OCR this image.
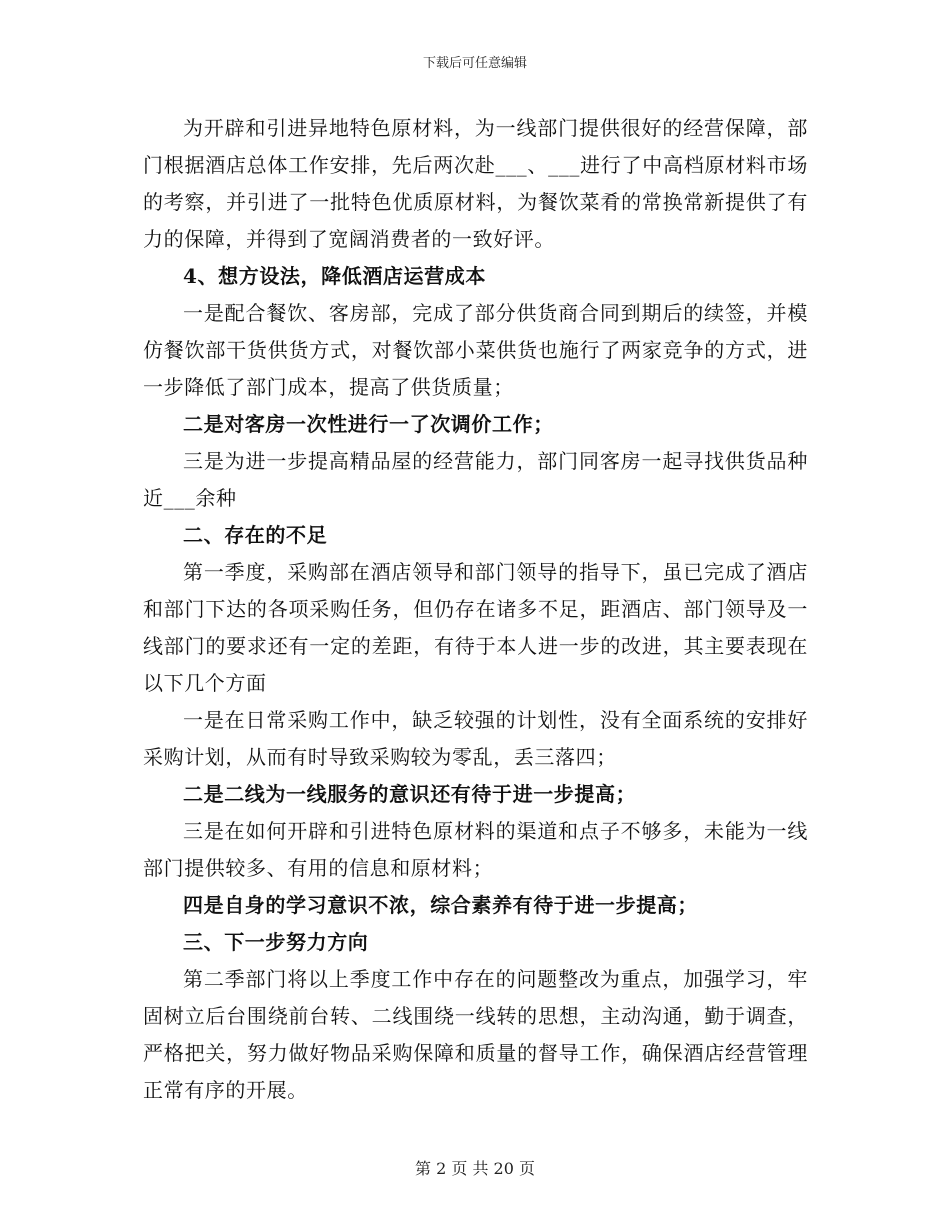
下载后可任意编辑

为开辟和引进异地特色原材料，为一线部门提供很好的经营保障，部门根据酒店总体工作安排，先后两次赴___、___进行了中高档原材料市场的考察，并引进了一批特色优质原材料，为餐饮菜肴的常换常新提供了有力的保障，并得到了宽阔消费者的一致好评。

4、想方设法，降低酒店运营成本

一是配合餐饮、客房部，完成了部分供货商合同到期后的续签，并模仿餐饮部干货供货方式，对餐饮部小菜供货也施行了两家竞争的方式，进一步降低了部门成本，提高了供货质量；

二是对客房一次性进行一了次调价工作；

三是为进一步提高精品屋的经营能力，部门同客房一起寻找供货品种近___余种

二、存在的不足

第一季度，采购部在酒店领导和部门领导的指导下，虽已完成了酒店和部门下达的各项采购任务，但仍存在诸多不足，距酒店、部门领导及一线部门的要求还有一定的差距，有待于本人进一步的改进，其主要表现在以下几个方面

一是在日常采购工作中，缺乏较强的计划性，没有全面系统的安排好采购计划，从而有时导致采购较为零乱，丢三落四；

二是二线为一线服务的意识还有待于进一步提高；

三是在如何开辟和引进特色原材料的渠道和点子不够多，未能为一线部门提供较多、有用的信息和原材料；

四是自身的学习意识不浓，综合素养有待于进一步提高；

三、下一步努力方向

第二季部门将以上季度工作中存在的问题整改为重点，加强学习，牢固树立后台围绕前台转、二线围绕一线转的思想，主动沟通，勤于调查，严格把关，努力做好物品采购保障和质量的督导工作，确保酒店经营管理正常有序的开展。

第 2 页 共 20 页
